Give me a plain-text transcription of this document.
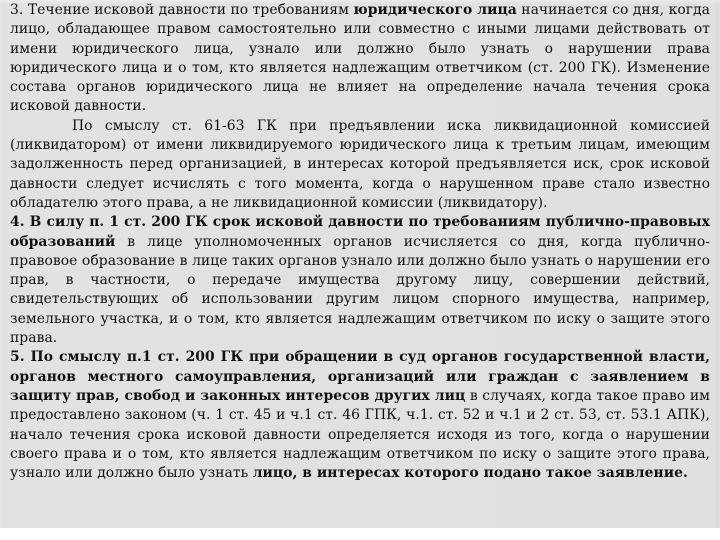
3. Течение исковой давности по требованиям юридического лица начинается со дня, когда лицо, обладающее правом самостоятельно или совместно с иными лицами действовать от имени юридического лица, узнало или должно было узнать о нарушении права юридического лица и о том, кто является надлежащим ответчиком (ст. 200 ГК). Изменение состава органов юридического лица не влияет на определение начала течения срока исковой давности.

По смыслу ст. 61-63 ГК при предъявлении иска ликвидационной комиссией (ликвидатором) от имени ликвидируемого юридического лица к третьим лицам, имеющим задолженность перед организацией, в интересах которой предъявляется иск, срок исковой давности следует исчислять с того момента, когда о нарушенном праве стало известно обладателю этого права, а не ликвидационной комиссии (ликвидатору).

4. В силу п. 1 ст. 200 ГК срок исковой давности по требованиям публично-правовых образований в лице уполномоченных органов исчисляется со дня, когда публично-правовое образование в лице таких органов узнало или должно было узнать о нарушении его прав, в частности, о передаче имущества другому лицу, совершении действий, свидетельствующих об использовании другим лицом спорного имущества, например, земельного участка, и о том, кто является надлежащим ответчиком по иску о защите этого права.

5. По смыслу п.1 ст. 200 ГК при обращении в суд органов государственной власти, органов местного самоуправления, организаций или граждан с заявлением в защиту прав, свобод и законных интересов других лиц в случаях, когда такое право им предоставлено законом (ч. 1 ст. 45 и ч.1 ст. 46 ГПК, ч.1. ст. 52 и ч.1 и 2 ст. 53, ст. 53.1 АПК), начало течения срока исковой давности определяется исходя из того, когда о нарушении своего права и о том, кто является надлежащим ответчиком по иску о защите этого права, узнало или должно было узнать лицо, в интересах которого подано такое заявление.
